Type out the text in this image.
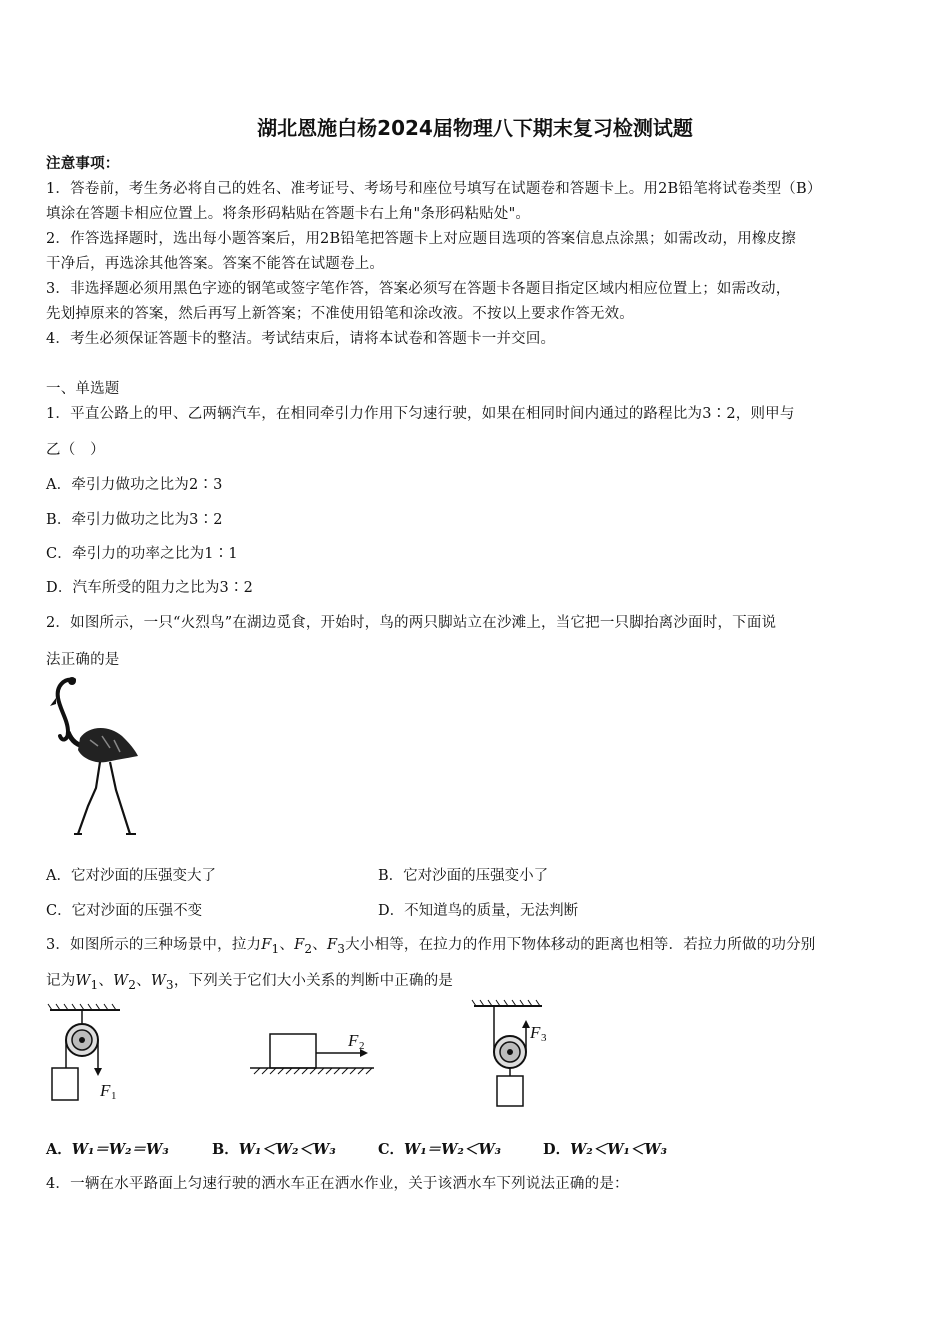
湖北恩施白杨2024届物理八下期末复习检测试题
注意事项：
1．答卷前，考生务必将自己的姓名、准考证号、考场号和座位号填写在试题卷和答题卡上。用2B铅笔将试卷类型（B）
填涂在答题卡相应位置上。将条形码粘贴在答题卡右上角"条形码粘贴处"。
2．作答选择题时，选出每小题答案后，用2B铅笔把答题卡上对应题目选项的答案信息点涂黑；如需改动，用橡皮擦
干净后，再选涂其他答案。答案不能答在试题卷上。
3．非选择题必须用黑色字迹的钢笔或签字笔作答，答案必须写在答题卡各题目指定区域内相应位置上；如需改动，
先划掉原来的答案，然后再写上新答案；不准使用铅笔和涂改液。不按以上要求作答无效。
4．考生必须保证答题卡的整洁。考试结束后，请将本试卷和答题卡一并交回。
一、单选题
1．平直公路上的甲、乙两辆汽车，在相同牵引力作用下匀速行驶，如果在相同时间内通过的路程比为3∶2，则甲与
乙（　）
A．牵引力做功之比为2∶3
B．牵引力做功之比为3∶2
C．牵引力的功率之比为1∶1
D．汽车所受的阻力之比为3∶2
2．如图所示，一只“火烈鸟”在湖边觅食，开始时，鸟的两只脚站立在沙滩上，当它把一只脚抬离沙面时，下面说
法正确的是
A．它对沙面的压强变大了	B．它对沙面的压强变小了
C．它对沙面的压强不变	D．不知道鸟的质量，无法判断
3．如图所示的三种场景中，拉力$F_1$、$F_2$、$F_3$大小相等，在拉力的作用下物体移动的距离也相等．若拉力所做的功分别
记为$W_1$、$W_2$、$W_3$，下列关于它们大小关系的判断中正确的是
F 1
F 2
F 3
A．W₁＝W₂＝W₃	B．W₁＜W₂＜W₃	C．W₁＝W₂＜W₃	D．W₂＜W₁＜W₃
4．一辆在水平路面上匀速行驶的洒水车正在洒水作业，关于该洒水车下列说法正确的是：
